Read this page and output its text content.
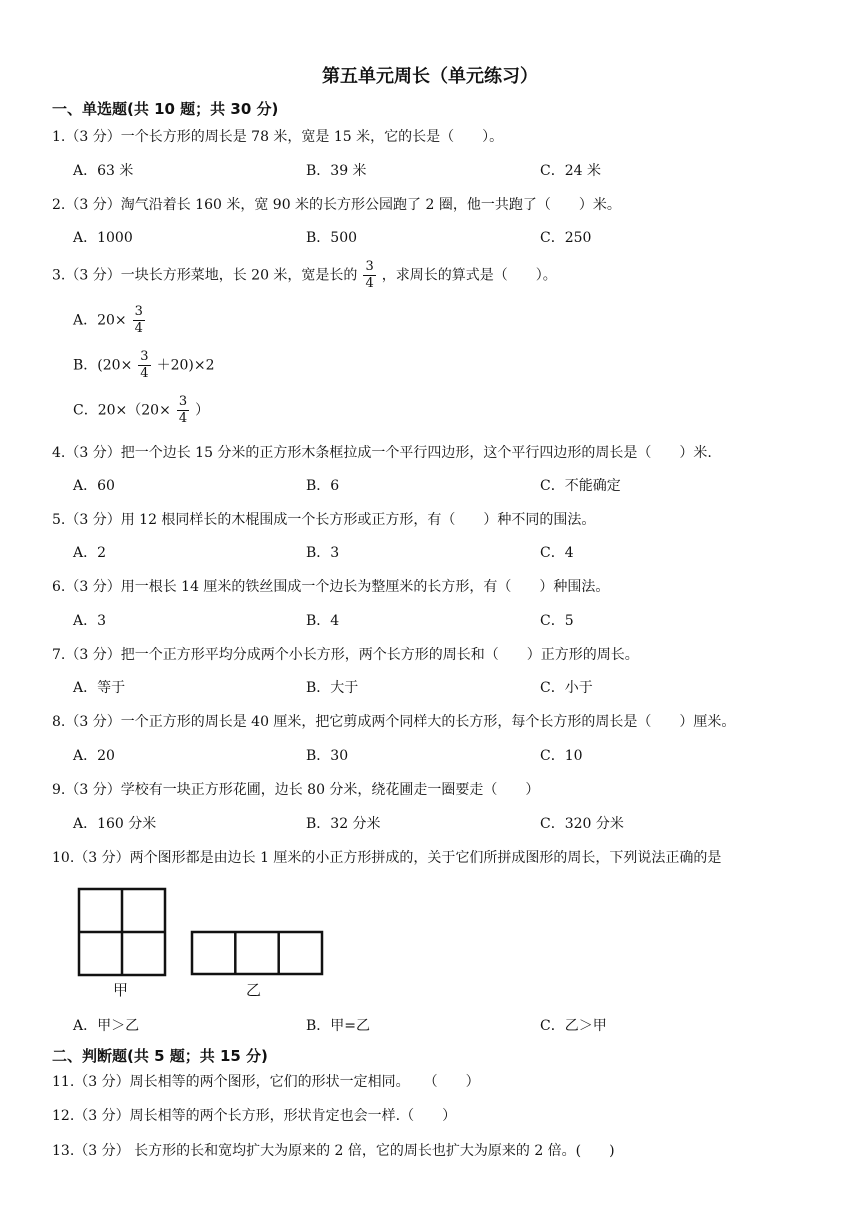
第五单元周长（单元练习）
一、单选题(共 10 题；共 30 分)
1.（3 分）一个长方形的周长是 78 米，宽是 15 米，它的长是（　　）。
A．63 米	B．39 米	C．24 米
2.（3 分）淘气沿着长 160 米，宽 90 米的长方形公园跑了 2 圈，他一共跑了（　　）米。
A．1000	B．500	C．250
3.（3 分）一块长方形菜地，长 20 米，宽是长的 $\frac{3}{4}$ ，求周长的算式是（　　）。
A．$20\times \frac{3}{4}$
B．$(20\times \frac{3}{4} +20)\times 2$
C．$20\times(20\times \frac{3}{4}$ ）
4.（3 分）把一个边长 15 分米的正方形木条框拉成一个平行四边形，这个平行四边形的周长是（　　）米.
A．60	B．6	C．不能确定
5.（3 分）用 12 根同样长的木棍围成一个长方形或正方形，有（　　）种不同的围法。
A．2	B．3	C．4
6.（3 分）用一根长 14 厘米的铁丝围成一个边长为整厘米的长方形，有（　　）种围法。
A．3	B．4	C．5
7.（3 分）把一个正方形平均分成两个小长方形，两个长方形的周长和（　　）正方形的周长。
A．等于	B．大于	C．小于
8.（3 分）一个正方形的周长是 40 厘米，把它剪成两个同样大的长方形，每个长方形的周长是（　　）厘米。
A．20	B．30	C．10
9.（3 分）学校有一块正方形花圃，边长 80 分米，绕花圃走一圈要走（　　）
A．160 分米	B．32 分米	C．320 分米
10.（3 分）两个图形都是由边长 1 厘米的小正方形拼成的，关于它们所拼成图形的周长，下列说法正确的是
甲	乙
A．甲＞乙	B．甲=乙	C．乙＞甲
二、判断题(共 5 题；共 15 分)
11.（3 分）周长相等的两个图形，它们的形状一定相同。　　（　　）
12.（3 分）周长相等的两个长方形，形状肯定也会一样.（　　）
13.（3 分） 长方形的长和宽均扩大为原来的 2 倍，它的周长也扩大为原来的 2 倍。(　　)
